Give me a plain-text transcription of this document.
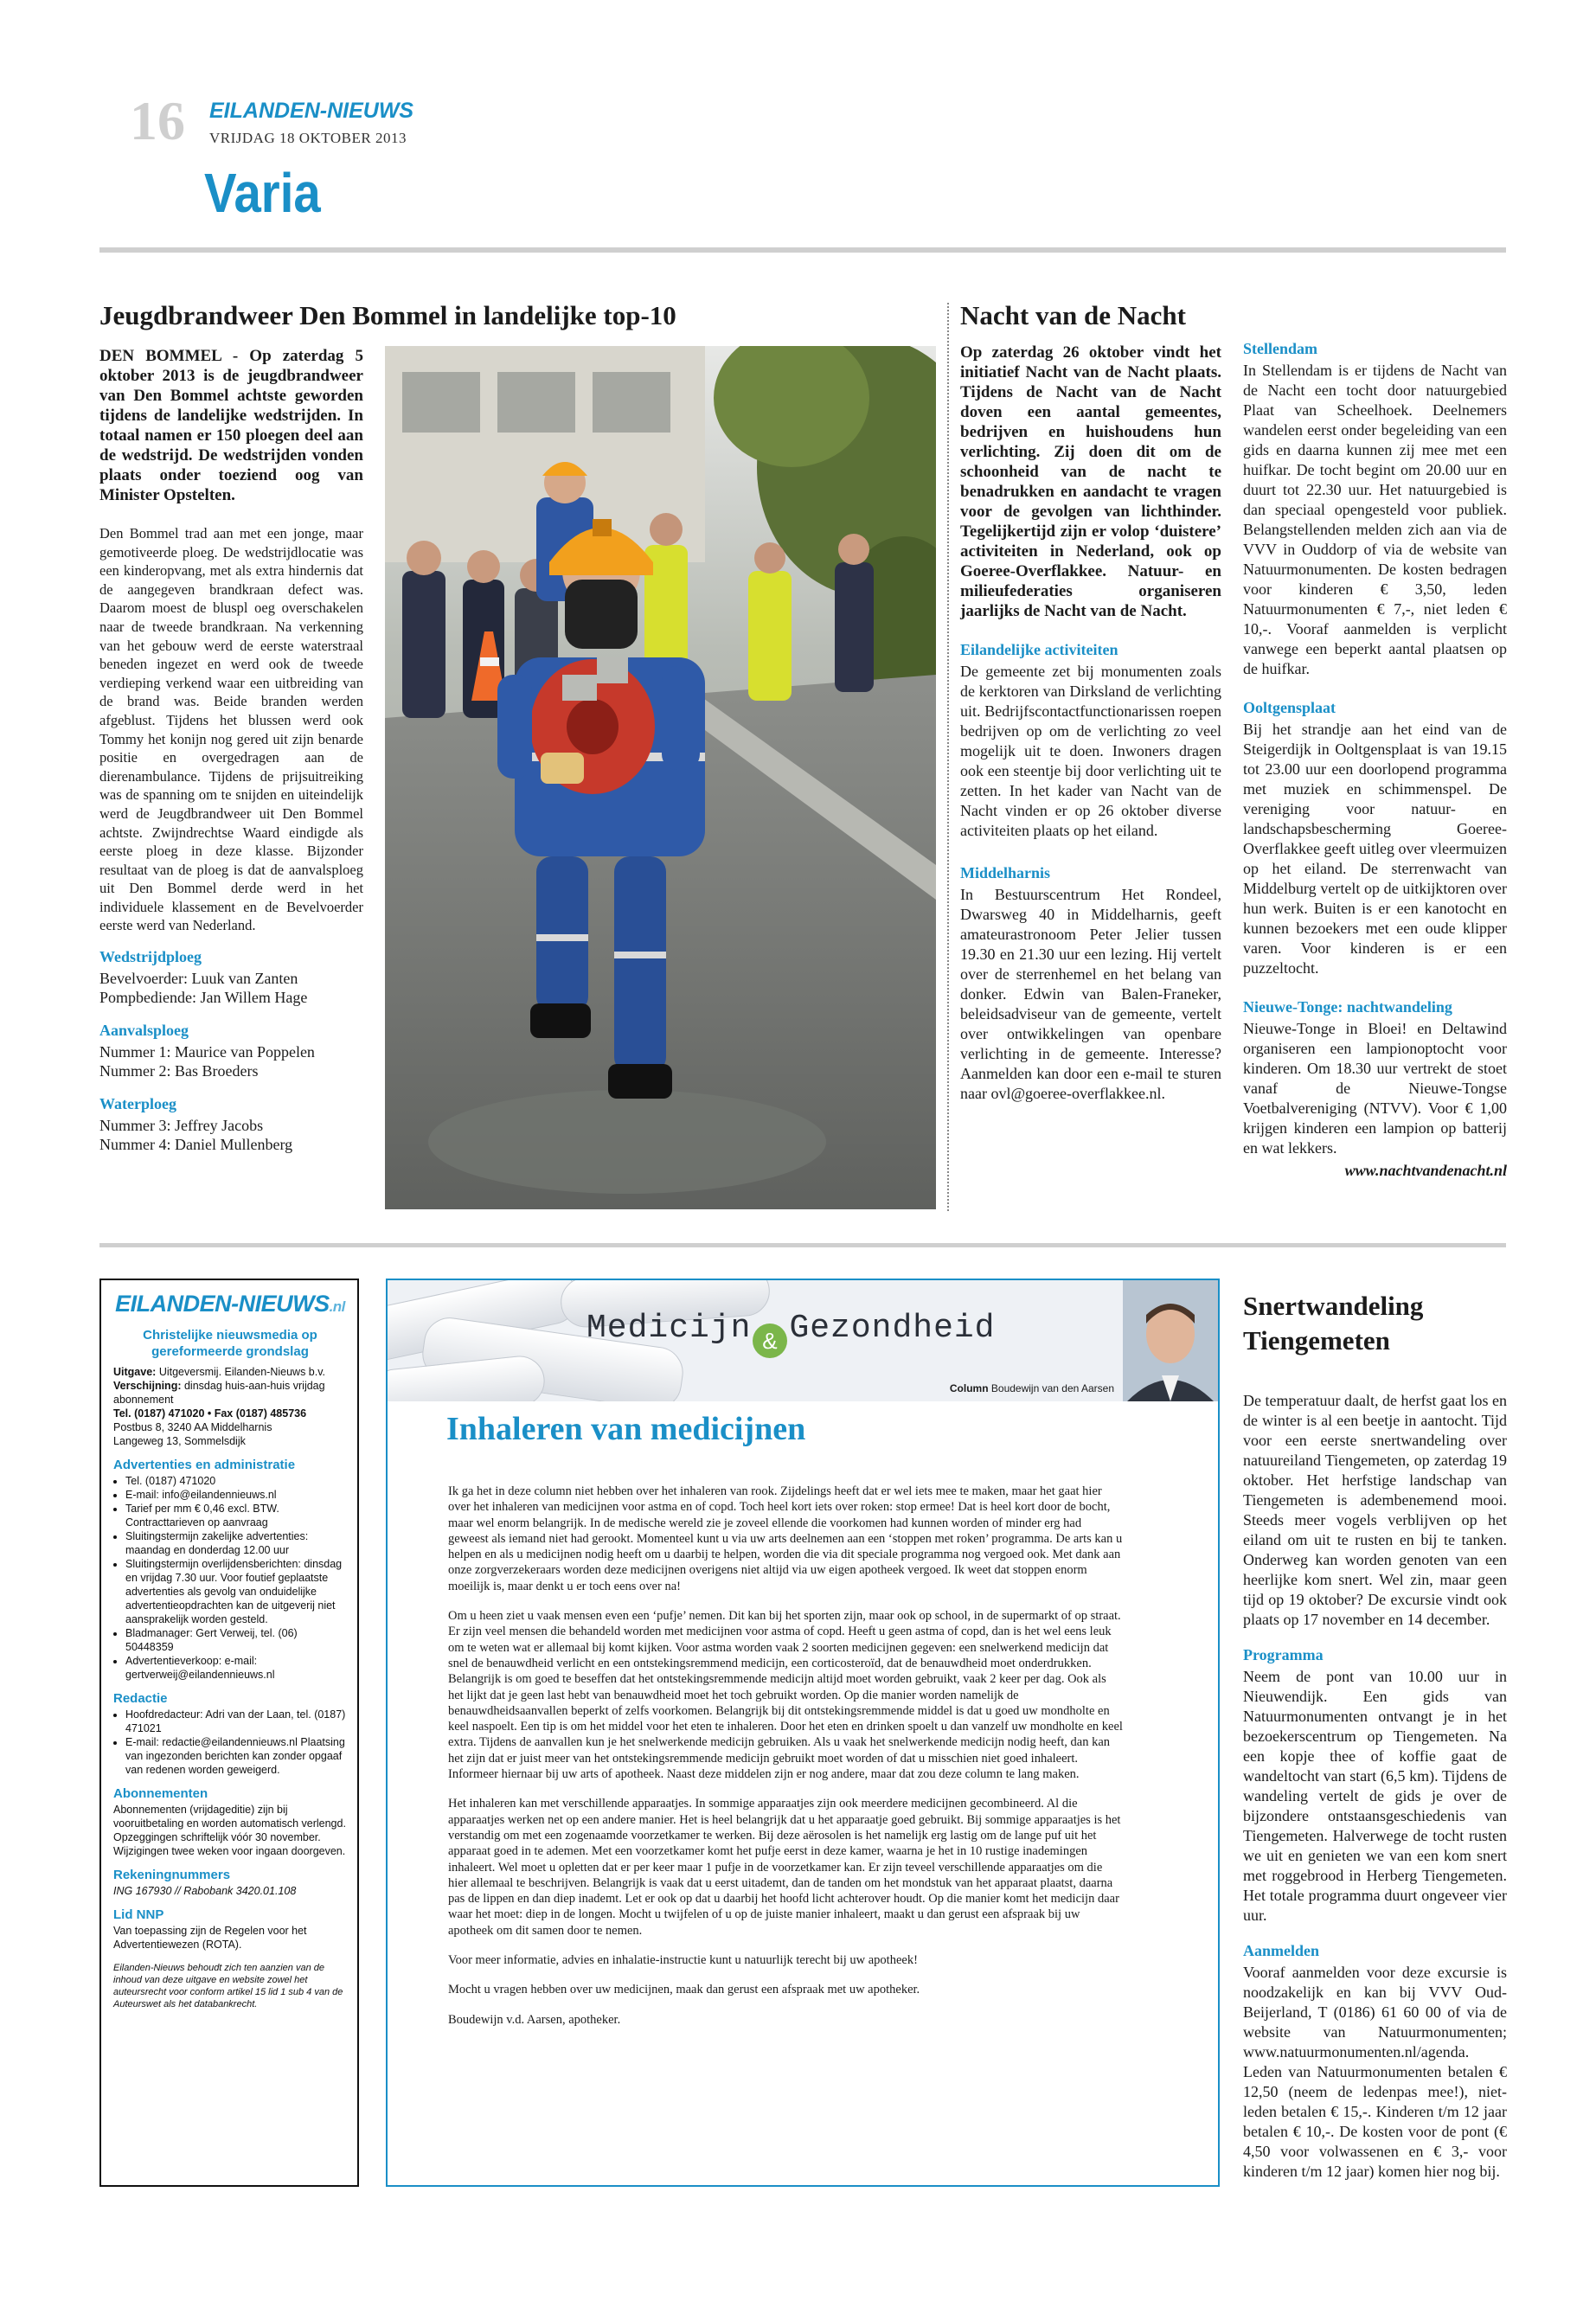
16 EILANDEN-NIEUWS
VRIJDAG 18 OKTOBER 2013
Varia
Jeugdbrandweer Den Bommel in landelijke top-10

DEN BOMMEL - Op zaterdag 5 oktober 2013 is de jeugdbrandweer van Den Bommel achtste geworden tijdens de landelijke wedstrijden. In totaal namen er 150 ploegen deel aan de wedstrijd. De wedstrijden vonden plaats onder toeziend oog van Minister Opstelten.

Den Bommel trad aan met een jonge, maar gemotiveerde ploeg. De wedstrijdlocatie was een kinderopvang, met als extra hindernis dat de aangegeven brandkraan defect was. Daarom moest de bluspl oeg overschakelen naar de tweede brandkraan. Na verkenning van het gebouw werd de eerste waterstraal beneden ingezet en werd ook de tweede verdieping verkend waar een uitbreiding van de brand was. Beide branden werden afgeblust. Tijdens het blussen werd ook Tommy het konijn nog gered uit zijn benarde positie en overgedragen aan de dierenambulance. Tijdens de prijsuitreiking was de spanning om te snijden en uiteindelijk werd de Jeugdbrandweer uit Den Bommel achtste. Zwijndrechtse Waard eindigde als eerste ploeg in deze klasse. Bijzonder resultaat van de ploeg is dat de aanvalsploeg uit Den Bommel derde werd in het individuele klassement en de Bevelvoerder eerste werd van Nederland.

Wedstrijdploeg

Bevelvoerder: Luuk van Zanten

Pompbediende: Jan Willem Hage

Aanvalsploeg

Nummer 1: Maurice van Poppelen

Nummer 2: Bas Broeders

Waterploeg

Nummer 3: Jeffrey Jacobs

Nummer 4: Daniel Mullenberg

Nacht van de Nacht

Op zaterdag 26 oktober vindt het initiatief Nacht van de Nacht plaats. Tijdens de Nacht van de Nacht doven een aantal gemeentes, bedrijven en huishoudens hun verlichting. Zij doen dit om de schoonheid van de nacht te benadrukken en aandacht te vragen voor de gevolgen van lichthinder. Tegelijkertijd zijn er volop ‘duistere’ activiteiten in Nederland, ook op Goeree-Overflakkee. Natuur- en milieufederaties organiseren jaarlijks de Nacht van de Nacht.

Eilandelijke activiteiten

De gemeente zet bij monumenten zoals de kerktoren van Dirksland de verlichting uit. Bedrijfscontactfunctionarissen roepen bedrijven op om de verlichting zo veel mogelijk uit te doen. Inwoners dragen ook een steentje bij door verlichting uit te zetten. In het kader van Nacht van de Nacht vinden er op 26 oktober diverse activiteiten plaats op het eiland.

Middelharnis

In Bestuurscentrum Het Rondeel, Dwarsweg 40 in Middelharnis, geeft amateurastronoom Peter Jelier tussen 19.30 en 21.30 uur een lezing. Hij vertelt over de sterrenhemel en het belang van donker. Edwin van Balen-Franeker, beleidsadviseur van de gemeente, vertelt over ontwikkelingen van openbare verlichting in de gemeente. Interesse? Aanmelden kan door een e-mail te sturen naar ovl@goeree-overflakkee.nl.

Stellendam

In Stellendam is er tijdens de Nacht van de Nacht een tocht door natuurgebied Plaat van Scheelhoek. Deelnemers wandelen eerst onder begeleiding van een gids en daarna kunnen zij mee met een huifkar. De tocht begint om 20.00 uur en duurt tot 22.30 uur. Het natuurgebied is dan speciaal opengesteld voor publiek. Belangstellenden melden zich aan via de VVV in Ouddorp of via de website van Natuurmonumenten. De kosten bedragen voor kinderen € 3,50, leden Natuurmonumenten € 7,-, niet leden € 10,-. Vooraf aanmelden is verplicht vanwege een beperkt aantal plaatsen op de huifkar.

Ooltgensplaat

Bij het strandje aan het eind van de Steigerdijk in Ooltgensplaat is van 19.15 tot 23.00 uur een doorlopend programma met muziek en schimmenspel. De vereniging voor natuur- en landschapsbescherming Goeree-Overflakkee geeft uitleg over vleermuizen op het eiland. De sterrenwacht van Middelburg vertelt op de uitkijktoren over hun werk. Buiten is er een kanotocht en kunnen bezoekers met een oude klipper varen. Voor kinderen is er een puzzeltocht.

Nieuwe-Tonge: nachtwandeling

Nieuwe-Tonge in Bloei! en Deltawind organiseren een lampionoptocht voor kinderen. Om 18.30 uur vertrekt de stoet vanaf de Nieuwe-Tongse Voetbalvereniging (NTVV). Voor € 1,00 krijgen kinderen een lampion op batterij en wat lekkers.

www.nachtvandenacht.nl
EILANDEN-NIEUWS.nl
Christelijke nieuwsmedia op gereformeerde grondslag

Uitgave: Uitgeversmij. Eilanden-Nieuws b.v.

Verschijning: dinsdag huis-aan-huis vrijdag abonnement

Tel. (0187) 471020 • Fax (0187) 485736

Postbus 8, 3240 AA Middelharnis

Langeweg 13, Sommelsdijk

Advertenties en administratie
• Tel. (0187) 471020
• E-mail: info@eilandennieuws.nl
• Tarief per mm € 0,46 excl. BTW. Contracttarieven op aanvraag
• Sluitingstermijn zakelijke advertenties: maandag en donderdag 12.00 uur
• Sluitingstermijn overlijdensberichten: dinsdag en vrijdag 7.30 uur. Voor foutief geplaatste advertenties als gevolg van onduidelijke advertentieopdrachten kan de uitgeverij niet aansprakelijk worden gesteld.
• Bladmanager: Gert Verweij, tel. (06) 50448359
• Advertentieverkoop: e-mail: gertverweij@eilandennieuws.nl
Redactie
• Hoofdredacteur: Adri van der Laan, tel. (0187) 471021
• E-mail: redactie@eilandennieuws.nl Plaatsing van ingezonden berichten kan zonder opgaaf van redenen worden geweigerd.
Abonnementen

Abonnementen (vrijdageditie) zijn bij vooruitbetaling en worden automatisch verlengd. Opzeggingen schriftelijk vóór 30 november. Wijzigingen twee weken voor ingaan doorgeven.

Rekeningnummers

ING 167930 // Rabobank 3420.01.108

Lid NNP

Van toepassing zijn de Regelen voor het Advertentiewezen (ROTA).

Eilanden-Nieuws behoudt zich ten aanzien van de inhoud van deze uitgave en website zowel het auteursrecht voor conform artikel 15 lid 1 sub 4 van de Auteurswet als het databankrecht.

Medicijn & Gezondheid
Column Boudewijn van den Aarsen
Inhaleren van medicijnen

Ik ga het in deze column niet hebben over het inhaleren van rook. Zijdelings heeft dat er wel iets mee te maken, maar het gaat hier over het inhaleren van medicijnen voor astma en of copd. Toch heel kort iets over roken: stop ermee! Dat is heel kort door de bocht, maar wel enorm belangrijk. In de medische wereld zie je zoveel ellende die voorkomen had kunnen worden of minder erg had geweest als iemand niet had gerookt. Momenteel kunt u via uw arts deelnemen aan een ‘stoppen met roken’ programma. De arts kan u helpen en als u medicijnen nodig heeft om u daarbij te helpen, worden die via dit speciale programma nog vergoed ook. Met dank aan onze zorgverzekeraars worden deze medicijnen overigens niet altijd via uw eigen apotheek vergoed. Ik weet dat stoppen enorm moeilijk is, maar denkt u er toch eens over na!

Om u heen ziet u vaak mensen even een ‘pufje’ nemen. Dit kan bij het sporten zijn, maar ook op school, in de supermarkt of op straat. Er zijn veel mensen die behandeld worden met medicijnen voor astma of copd. Heeft u geen astma of copd, dan is het wel eens leuk om te weten wat er allemaal bij komt kijken. Voor astma worden vaak 2 soorten medicijnen gegeven: een snelwerkend medicijn dat snel de benauwdheid verlicht en een ontstekingsremmend medicijn, een corticosteroïd, dat de benauwdheid moet onderdrukken. Belangrijk is om goed te beseffen dat het ontstekingsremmende medicijn altijd moet worden gebruikt, vaak 2 keer per dag. Ook als het lijkt dat je geen last hebt van benauwdheid moet het toch gebruikt worden. Op die manier worden namelijk de benauwdheidsaanvallen beperkt of zelfs voorkomen. Belangrijk bij dit ontstekingsremmende middel is dat u goed uw mondholte en keel naspoelt. Een tip is om het middel voor het eten te inhaleren. Door het eten en drinken spoelt u dan vanzelf uw mondholte en keel extra. Tijdens de aanvallen kun je het snelwerkende medicijn gebruiken. Als u vaak het snelwerkende medicijn nodig heeft, dan kan het zijn dat er juist meer van het ontstekingsremmende medicijn gebruikt moet worden of dat u misschien niet goed inhaleert. Informeer hiernaar bij uw arts of apotheek. Naast deze middelen zijn er nog andere, maar dat zou deze column te lang maken.

Het inhaleren kan met verschillende apparaatjes. In sommige apparaatjes zijn ook meerdere medicijnen gecombineerd. Al die apparaatjes werken net op een andere manier. Het is heel belangrijk dat u het apparaatje goed gebruikt. Bij sommige apparaatjes is het verstandig om met een zogenaamde voorzetkamer te werken. Bij deze aërosolen is het namelijk erg lastig om de lange puf uit het apparaat goed in te ademen. Met een voorzetkamer komt het pufje eerst in deze kamer, waarna je het in 10 rustige inademingen inhaleert. Wel moet u opletten dat er per keer maar 1 pufje in de voorzetkamer kan. Er zijn teveel verschillende apparaatjes om die hier allemaal te beschrijven. Belangrijk is vaak dat u eerst uitademt, dan de tanden om het mondstuk van het apparaat plaatst, daarna pas de lippen en dan diep inademt. Let er ook op dat u daarbij het hoofd licht achterover houdt. Op die manier komt het medicijn daar waar het moet: diep in de longen. Mocht u twijfelen of u op de juiste manier inhaleert, maakt u dan gerust een afspraak bij uw apotheek om dit samen door te nemen.

Voor meer informatie, advies en inhalatie-instructie kunt u natuurlijk terecht bij uw apotheek!

Mocht u vragen hebben over uw medicijnen, maak dan gerust een afspraak met uw apotheker.

Boudewijn v.d. Aarsen, apotheker.

Snertwandeling
Tiengemeten

De temperatuur daalt, de herfst gaat los en de winter is al een beetje in aantocht. Tijd voor een eerste snertwandeling over natuureiland Tiengemeten, op zaterdag 19 oktober. Het herfstige landschap van Tiengemeten is adembenemend mooi. Steeds meer vogels verblijven op het eiland om uit te rusten en bij te tanken. Onderweg kan worden genoten van een heerlijke kom snert. Wel zin, maar geen tijd op 19 oktober? De excursie vindt ook plaats op 17 november en 14 december.

Programma

Neem de pont van 10.00 uur in Nieuwendijk. Een gids van Natuurmonumenten ontvangt je in het bezoekerscentrum op Tiengemeten. Na een kopje thee of koffie gaat de wandeltocht van start (6,5 km). Tijdens de wandeling vertelt de gids je over de bijzondere ontstaansgeschiedenis van Tiengemeten. Halverwege de tocht rusten we uit en genieten we van een kom snert met roggebrood in Herberg Tiengemeten. Het totale programma duurt ongeveer vier uur.

Aanmelden

Vooraf aanmelden voor deze excursie is noodzakelijk en kan bij VVV Oud-Beijerland, T (0186) 61 60 00 of via de website van Natuurmonumenten; www.natuurmonumenten.nl/agenda. Leden van Natuurmonumenten betalen € 12,50 (neem de ledenpas mee!), niet-leden betalen € 15,-. Kinderen t/m 12 jaar betalen € 10,-. De kosten voor de pont (€ 4,50 voor volwassenen en € 3,- voor kinderen t/m 12 jaar) komen hier nog bij.
